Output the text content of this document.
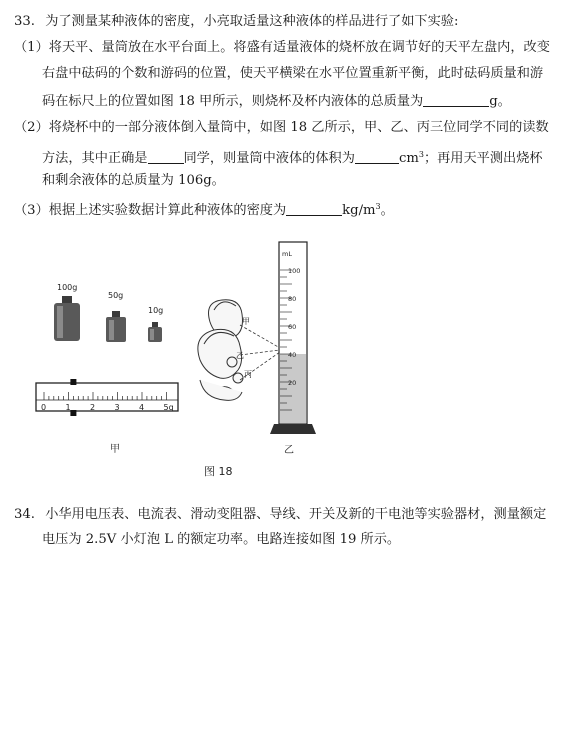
33. 为了测量某种液体的密度，小亮取适量这种液体的样品进行了如下实验:
（1）将天平、量筒放在水平台面上。将盛有适量液体的烧杯放在调节好的天平左盘内，改变
右盘中砝码的个数和游码的位置，使天平横梁在水平位置重新平衡，此时砝码质量和游
码在标尺上的位置如图 18 甲所示，则烧杯及杯内液体的总质量为	g。
（2）将烧杯中的一部分液体倒入量筒中，如图 18 乙所示，甲、乙、丙三位同学不同的读数
方法，其中正确是	同学，则量筒中液体的体积为	$cm^3$；再用天平测出烧杯
和剩余液体的总质量为 106g。
（3）根据上述实验数据计算此种液体的密度为	$kg/m^3$。
100g
50g
10g
0 1 2 3 4 5g
甲
甲
乙
丙
100
80
60
40
20
mL
乙
图 18
34. 小华用电压表、电流表、滑动变阻器、导线、开关及新的干电池等实验器材，测量额定
电压为 2.5V 小灯泡 L 的额定功率。电路连接如图 19 所示。
